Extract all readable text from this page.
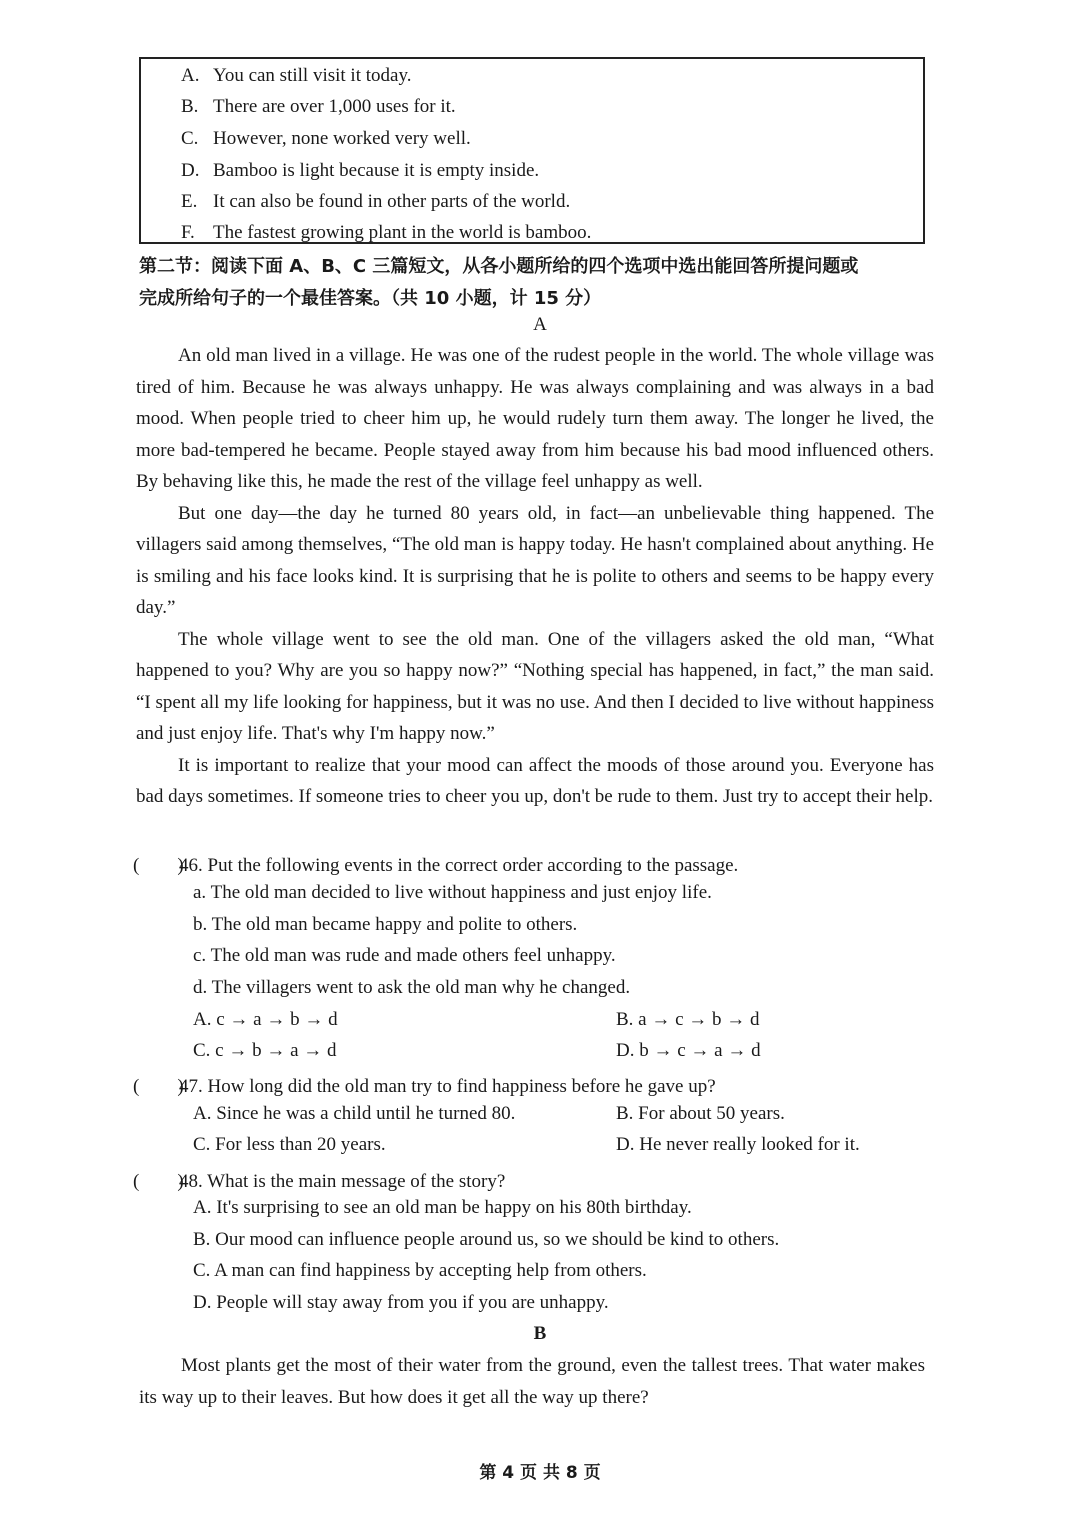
A. You can still visit it today.
B. There are over 1,000 uses for it.
C. However, none worked very well.
D. Bamboo is light because it is empty inside.
E. It can also be found in other parts of the world.
F. The fastest growing plant in the world is bamboo.
第二节：阅读下面 A、B、C 三篇短文，从各小题所给的四个选项中选出能回答所提问题或
完成所给句子的一个最佳答案。（共 10 小题，计 15 分）
A
An old man lived in a village. He was one of the rudest people in the world. The whole village was tired of him. Because he was always unhappy. He was always complaining and was always in a bad mood. When people tried to cheer him up, he would rudely turn them away. The longer he lived, the more bad-tempered he became. People stayed away from him because his bad mood influenced others. By behaving like this, he made the rest of the village feel unhappy as well.
But one day—the day he turned 80 years old, in fact—an unbelievable thing happened. The villagers said among themselves, “The old man is happy today. He hasn't complained about anything. He is smiling and his face looks kind. It is surprising that he is polite to others and seems to be happy every day.”
The whole village went to see the old man. One of the villagers asked the old man, “What happened to you? Why are you so happy now?” “Nothing special has happened, in fact,” the man said. “I spent all my life looking for happiness, but it was no use. And then I decided to live without happiness and just enjoy life. That's why I'm happy now.”
It is important to realize that your mood can affect the moods of those around you. Everyone has bad days sometimes. If someone tries to cheer you up, don't be rude to them. Just try to accept their help.
(　　)46. Put the following events in the correct order according to the passage.
a. The old man decided to live without happiness and just enjoy life.
b. The old man became happy and polite to others.
c. The old man was rude and made others feel unhappy.
d. The villagers went to ask the old man why he changed.
A. c → a → b → d	B. a → c → b → d
C. c → b → a → d	D. b → c → a → d
(　　)47. How long did the old man try to find happiness before he gave up?
A. Since he was a child until he turned 80.	B. For about 50 years.
C. For less than 20 years.	D. He never really looked for it.
(　　)48. What is the main message of the story?
A. It's surprising to see an old man be happy on his 80th birthday.
B. Our mood can influence people around us, so we should be kind to others.
C. A man can find happiness by accepting help from others.
D. People will stay away from you if you are unhappy.
B
Most plants get the most of their water from the ground, even the tallest trees. That water makes its way up to their leaves. But how does it get all the way up there?
第 4 页 共 8 页
